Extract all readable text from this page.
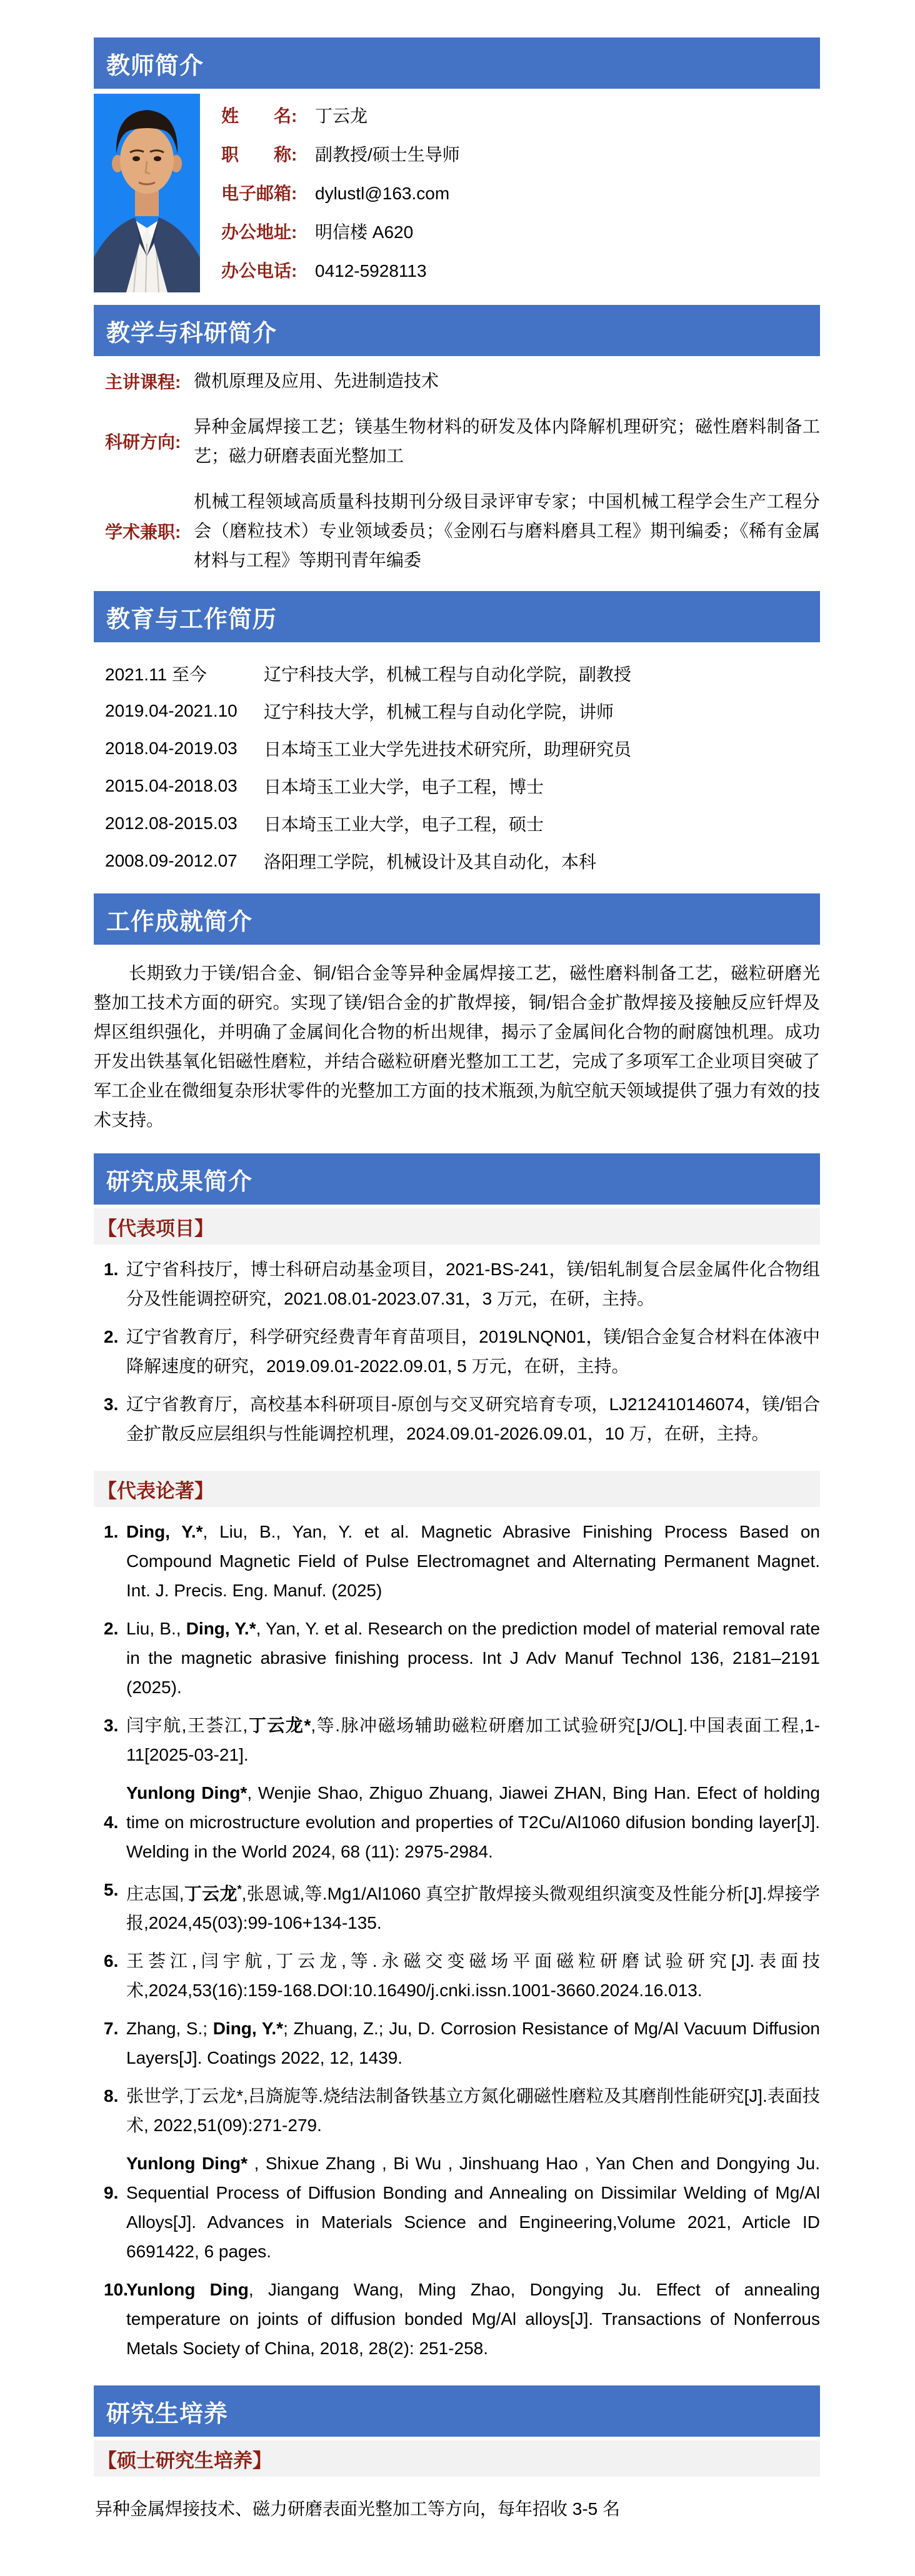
教师简介
姓　　名:	丁云龙
职　　称:	副教授/硕士生导师
电子邮箱:	dylustl@163.com
办公地址:	明信楼 A620
办公电话:	0412-5928113
教学与科研简介
主讲课程: 微机原理及应用、先进制造技术
科研方向:
异种金属焊接工艺；镁基生物材料的研发及体内降解机理研究；磁性磨料制备工艺；磁力研磨表面光整加工
学术兼职:
机械工程领域高质量科技期刊分级目录评审专家；中国机械工程学会生产工程分会（磨粒技术）专业领域委员；《金刚石与磨料磨具工程》期刊编委；《稀有金属材料与工程》等期刊青年编委
教育与工作简历
2021.11 至今	辽宁科技大学，机械工程与自动化学院，副教授
2019.04-2021.10	辽宁科技大学，机械工程与自动化学院，讲师
2018.04-2019.03	日本埼玉工业大学先进技术研究所，助理研究员
2015.04-2018.03	日本埼玉工业大学，电子工程，博士
2012.08-2015.03	日本埼玉工业大学，电子工程，硕士
2008.09-2012.07	洛阳理工学院，机械设计及其自动化，本科
工作成就简介

长期致力于镁/铝合金、铜/铝合金等异种金属焊接工艺，磁性磨料制备工艺，磁粒研磨光整加工技术方面的研究。实现了镁/铝合金的扩散焊接，铜/铝合金扩散焊接及接触反应钎焊及焊区组织强化，并明确了金属间化合物的析出规律，揭示了金属间化合物的耐腐蚀机理。成功开发出铁基氧化铝磁性磨粒，并结合磁粒研磨光整加工工艺，完成了多项军工企业项目突破了军工企业在微细复杂形状零件的光整加工方面的技术瓶颈,为航空航天领域提供了强力有效的技术支持。

研究成果简介
【代表项目】
1. 辽宁省科技厅，博士科研启动基金项目，2021-BS-241，镁/铝轧制复合层金属件化合物组分及性能调控研究，2021.08.01-2023.07.31，3 万元，在研，主持。
2. 辽宁省教育厅，科学研究经费青年育苗项目，2019LNQN01，镁/铝合金复合材料在体液中降解速度的研究，2019.09.01-2022.09.01, 5 万元，在研，主持。
3. 辽宁省教育厅，高校基本科研项目-原创与交叉研究培育专项，LJ212410146074，镁/铝合金扩散反应层组织与性能调控机理，2024.09.01-2026.09.01，10 万，在研，主持。
【代表论著】
1. Ding, Y.*, Liu, B., Yan, Y. et al. Magnetic Abrasive Finishing Process Based on Compound Magnetic Field of Pulse Electromagnet and Alternating Permanent Magnet. Int. J. Precis. Eng. Manuf. (2025)
2. Liu, B., Ding, Y.*, Yan, Y. et al. Research on the prediction model of material removal rate in the magnetic abrasive finishing process. Int J Adv Manuf Technol 136, 2181–2191 (2025).
3. 闫宇航,王荟江,丁云龙*,等.脉冲磁场辅助磁粒研磨加工试验研究[J/OL].中国表面工程,1-11[2025-03-21].
4.
Yunlong Ding*, Wenjie Shao, Zhiguo Zhuang, Jiawei ZHAN, Bing Han. Efect of holding time on microstructure evolution and properties of T2Cu/Al1060 difusion bonding layer[J]. Welding in the World 2024, 68 (11): 2975-2984.
5. 庄志国,丁云龙*,张恩诚,等.Mg1/Al1060 真空扩散焊接头微观组织演变及性能分析[J].焊接学报,2024,45(03):99-106+134-135.
6. 王荟江,闫宇航,丁云龙,等.永磁交变磁场平面磁粒研磨试验研究[J].表面技术,2024,53(16):159-168.DOI:10.16490/j.cnki.issn.1001-3660.2024.16.013.
7. Zhang, S.; Ding, Y.*; Zhuang, Z.; Ju, D. Corrosion Resistance of Mg/Al Vacuum Diffusion Layers[J]. Coatings 2022, 12, 1439.
8. 张世学,丁云龙*,吕旖旎等.烧结法制备铁基立方氮化硼磁性磨粒及其磨削性能研究[J].表面技术, 2022,51(09):271-279.
9.
Yunlong Ding* , Shixue Zhang , Bi Wu , Jinshuang Hao , Yan Chen and Dongying Ju. Sequential Process of Diffusion Bonding and Annealing on Dissimilar Welding of Mg/Al Alloys[J]. Advances in Materials Science and Engineering,Volume 2021, Article ID 6691422, 6 pages.
10.
Yunlong Ding, Jiangang Wang, Ming Zhao, Dongying Ju. Effect of annealing temperature on joints of diffusion bonded Mg/Al alloys[J]. Transactions of Nonferrous Metals Society of China, 2018, 28(2): 251-258.
研究生培养
【硕士研究生培养】

异种金属焊接技术、磁力研磨表面光整加工等方向，每年招收 3-5 名
